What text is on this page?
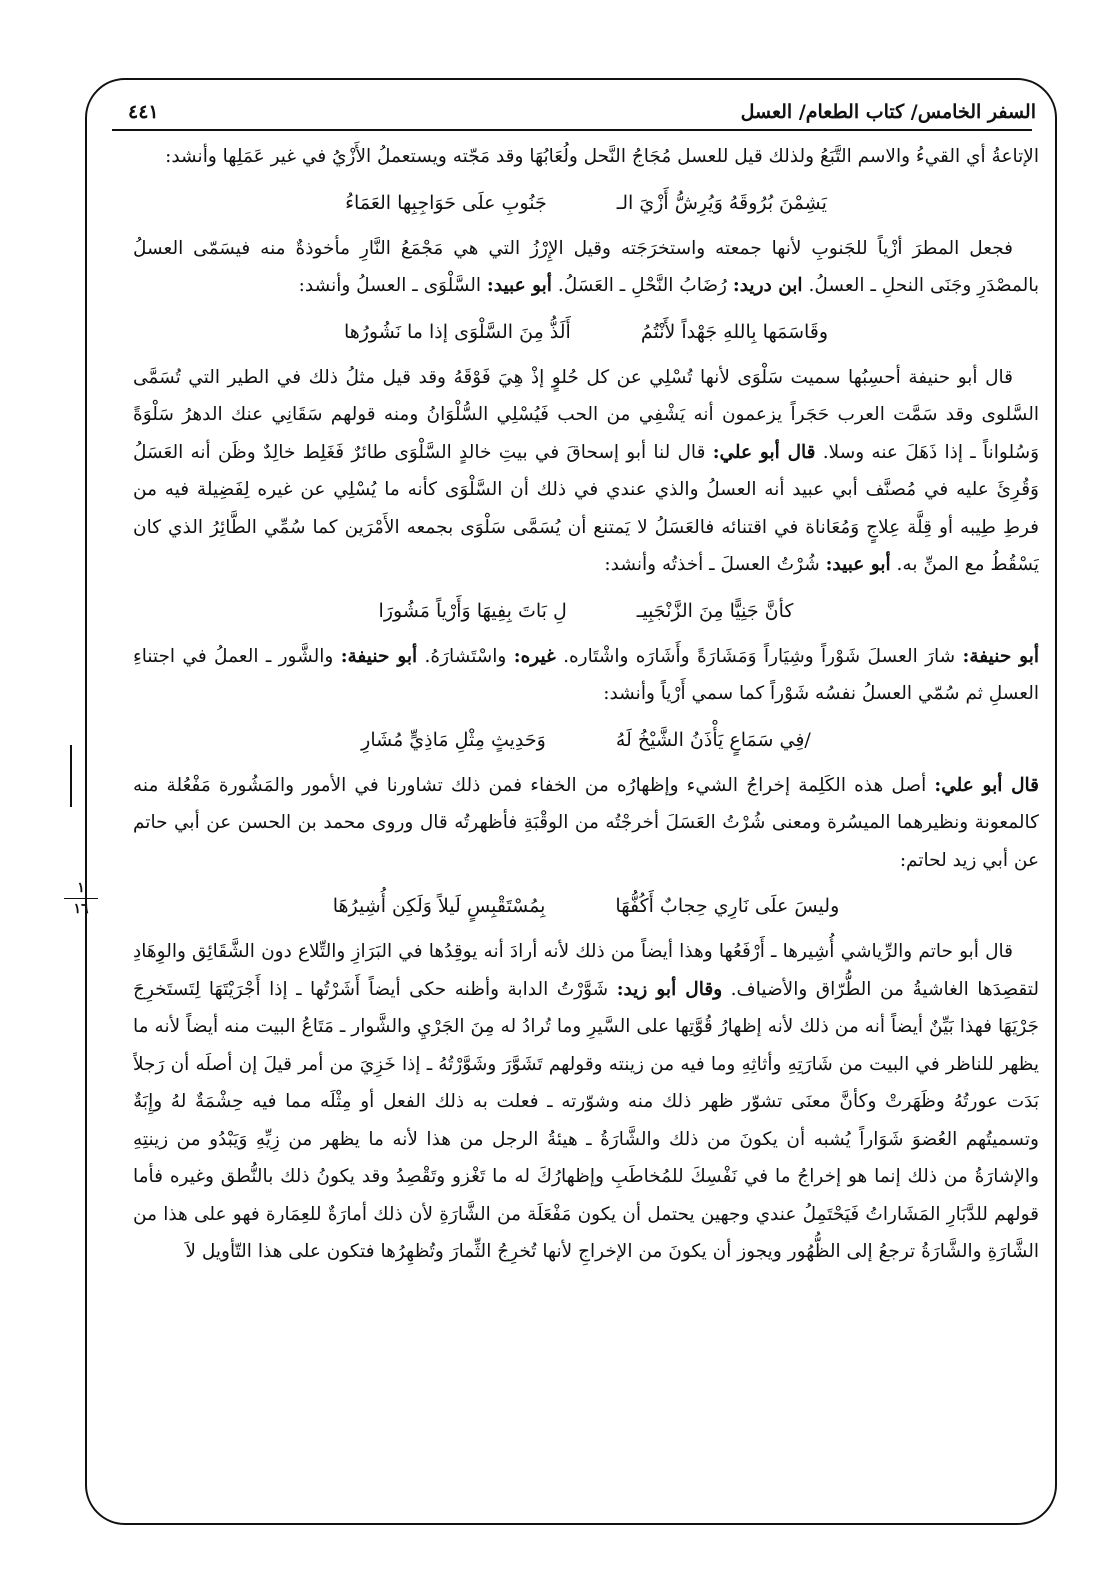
السفر الخامس/ كتاب الطعام/ العسل
٤٤١
١
١٦

الإتاعةُ أي القيءُ والاسم التَّبَعُ ولذلك قيل للعسل مُجَاجُ النَّحل ولُعَابُهَا وقد مَجّته ويستعملُ الأَزْيُ في غير عَمَلِها وأنشد:

يَشِمْنَ بُرُوقَهُ وَيُرِشُّ أَزْيَ الـ
جَنُوبِ علَى حَوَاجِبِها العَمَاءُ

فجعل المطرَ أزْياً للجَنوبِ لأنها جمعته واستخرَجَته وقيل الإِرْزُ التي هي مَجْمَعُ النَّارِ مأخوذةٌ منه فيسَمّى العسلُ بالمصْدَرِ وجَنَى النحلِ ـ العسلُ. ابن دريد: رُضَابُ النَّحْلِ ـ العَسَلُ. أبو عبيد: السَّلْوَى ـ العسلُ وأنشد:

وقَاسَمَها بِاللهِ جَهْداً لأَنْتُمُ
أَلَذُّ مِنَ السَّلْوَى إذا ما نَشُورُها

قال أبو حنيفة أحسِبُها سميت سَلْوَى لأنها تُسْلِي عن كل حُلوٍ إذْ هِيَ فَوْقَهُ وقد قيل مثلُ ذلك في الطير التي تُسَمَّى السَّلوى وقد سَمَّت العرب حَجَراً يزعمون أنه يَشْفِي من الحب فَيُسْلِي السُّلْوَانُ ومنه قولهم سَقَانِي عنك الدهرُ سَلْوَةً وَسُلواناً ـ إذا ذَهَلَ عنه وسلا. قال أبو علي: قال لنا أبو إسحاقَ في بيتِ خالدٍ السَّلْوَى طائرٌ فَغَلِط خالِدٌ وظَن أنه العَسَلُ وَقُرِئَ عليه في مُصنَّف أبي عبيد أنه العسلُ والذي عندي في ذلك أن السَّلْوَى كأنه ما يُسْلِي عن غيره لِفَضِيلة فيه من فرطِ طِيبه أو قِلَّة عِلاجٍ وَمُعَاناة في اقتنائه فالعَسَلُ لا يَمتنع أن يُسَمَّى سَلْوَى بجمعه الأَمْرَين كما سُمِّي الطَّائِرُ الذي كان يَسْقُطُ مع المنِّ به. أبو عبيد: شُرْتُ العسلَ ـ أخذتُه وأنشد:

كأنَّ جَنِيًّا مِنَ الزَّنْجَبِيـ
لِ بَاتَ بِفِيهَا وَأَرْياً مَشُورَا

أبو حنيفة: شارَ العسلَ شَوْراً وشِيَاراً وَمَشَارَةً وأَشَارَه واشْتَاره. غيره: واسْتَشارَهُ. أبو حنيفة: والشَّور ـ العملُ في اجتناءِ العسلِ ثم سُمّي العسلُ نفسُه شَوْراً كما سمي أَرْياً وأنشد:

/فِي سَمَاعٍ يَأْذَنُ الشَّيْخُ لَهُ
وَحَدِيثٍ مِثْلِ مَاذِيٍّ مُشَارِ

قال أبو علي: أصل هذه الكَلِمة إخراجُ الشيء وإظهارُه من الخفاء فمن ذلك تشاورنا في الأمور والمَشُورة مَفْعُلة منه كالمعونة ونظيرهما الميسُرة ومعنى شُرْتُ العَسَلَ أخرجْتُه من الوقْبَةِ فأظهرتُه قال وروى محمد بن الحسن عن أبي حاتم عن أبي زيد لحاتم:

وليسَ علَى نَارِي حِجابٌ أَكُفُّهَا
بِمُسْتَقْبِسٍ لَيلاً وَلَكِن أُشِيرُهَا

قال أبو حاتم والرِّياشي أُشِيرها ـ أَرْفَعُها وهذا أيضاً من ذلك لأنه أرادَ أنه يوقِدُها في البَرَازِ والتِّلاع دون الشَّقَائِق والوِهَادِ لتقصِدَها الغاشيةُ من الطُّرّاق والأضياف. وقال أبو زيد: شَوَّرْتُ الدابة وأظنه حكى أيضاً أَشَرْتُها ـ إذا أَجْرَيْتَهَا لِتَستَخرِجَ جَرْيَهَا فهذا بَيِّنٌ أيضاً أنه من ذلك لأنه إظهارُ قُوَّتِها على السَّيرِ وما تُرادُ له مِنَ الجَرْيِ والشَّوار ـ مَتَاعُ البيت منه أيضاً لأنه ما يظهر للناظر في البيت من شَارَتِهِ وأثاثِهِ وما فيه من زينته وقولهم تَشَوَّرَ وشَوَّرْتُهُ ـ إذا خَزِيَ من أمر قيلَ إن أصلَه أن رَجلاً بَدَت عورتُهُ وظَهَرتْ وكأنَّ معنَى تشوّر ظهر ذلك منه وشوّرته ـ فعلت به ذلك الفعل أو مِثْلَه مما فيه حِشْمَةٌ لهُ وإِبَةٌ وتسميتُهم العُضوَ شَوَاراً يُشبه أن يكونَ من ذلك والشَّارَةُ ـ هيئةُ الرجل من هذا لأنه ما يظهر من زِيِّهِ وَيَبْدُو من زينتِهِ والإشارَةُ من ذلك إنما هو إخراجُ ما في نَفْسِكَ للمُخاطَبِ وإظهارُكَ له ما تَغْزو وتَقْصِدُ وقد يكونُ ذلك بالنُّطق وغيره فأما قولهم للدَّبَارِ المَشَاراتُ فَيَحْتَمِلُ عندي وجهين يحتمل أن يكون مَفْعَلَة من الشَّارَةِ لأن ذلك أمارَةٌ للعِمَارة فهو على هذا من الشَّارَةِ والشَّارَةُ ترجعُ إلى الظُّهُور ويجوز أن يكونَ من الإخراجِ لأنها تُخرِجُ الثِّمارَ وتُظهِرُها فتكون على هذا التّأويل لاَ
